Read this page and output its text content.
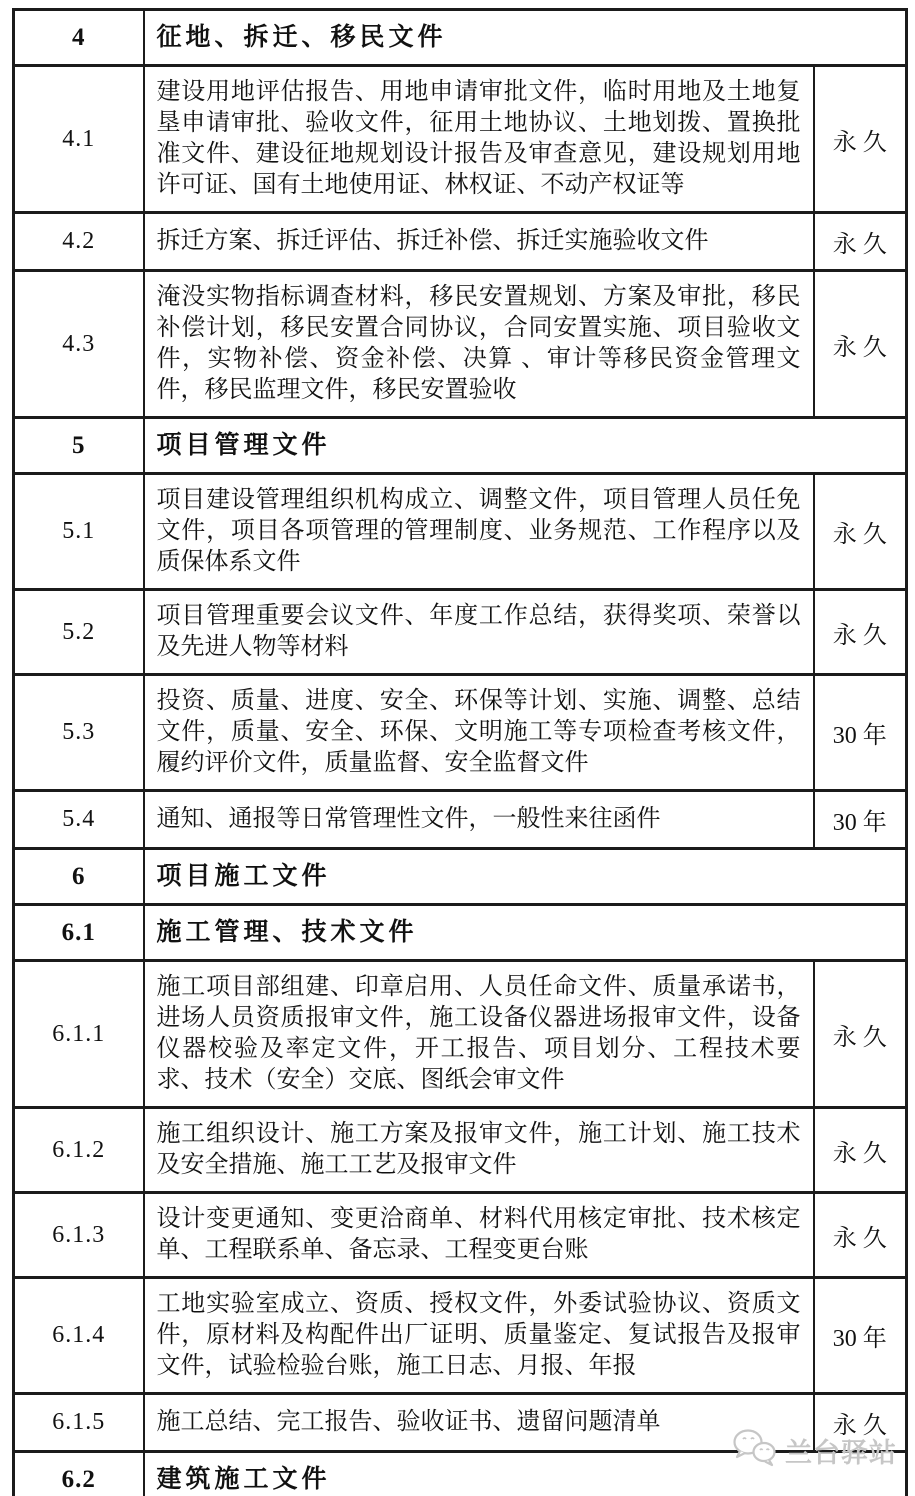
4	征地、拆迁、移民文件	
4.1	建设用地评估报告、用地申请审批文件，临时用地及土地复垦申请审批、验收文件，征用土地协议、土地划拨、置换批准文件、建设征地规划设计报告及审查意见，建设规划用地许可证、国有土地使用证、林权证、不动产权证等	永 久
4.2	拆迁方案、拆迁评估、拆迁补偿、拆迁实施验收文件	永 久
4.3	淹没实物指标调查材料，移民安置规划、方案及审批，移民补偿计划，移民安置合同协议，合同安置实施、项目验收文件，实物补偿、资金补偿、决算 、审计等移民资金管理文件，移民监理文件，移民安置验收	永 久
5	项目管理文件	
5.1	项目建设管理组织机构成立、调整文件，项目管理人员任免文件，项目各项管理的管理制度、业务规范、工作程序以及质保体系文件	永 久
5.2	项目管理重要会议文件、年度工作总结，获得奖项、荣誉以及先进人物等材料	永 久
5.3	投资、质量、进度、安全、环保等计划、实施、调整、总结文件，质量、安全、环保、文明施工等专项检查考核文件，履约评价文件，质量监督、安全监督文件	30 年
5.4	通知、通报等日常管理性文件，一般性来往函件	30 年
6	项目施工文件	
6.1	施工管理、技术文件	
6.1.1	施工项目部组建、印章启用、人员任命文件、质量承诺书，进场人员资质报审文件，施工设备仪器进场报审文件，设备仪器校验及率定文件，开工报告、项目划分、工程技术要求、技术（安全）交底、图纸会审文件	永 久
6.1.2	施工组织设计、施工方案及报审文件，施工计划、施工技术及安全措施、施工工艺及报审文件	永 久
6.1.3	设计变更通知、变更洽商单、材料代用核定审批、技术核定单、工程联系单、备忘录、工程变更台账	永 久
6.1.4	工地实验室成立、资质、授权文件，外委试验协议、资质文件，原材料及构配件出厂证明、质量鉴定、复试报告及报审文件，试验检验台账，施工日志、月报、年报	30 年
6.1.5	施工总结、完工报告、验收证书、遗留问题清单	永 久
6.2	建筑施工文件	
兰台驿站
